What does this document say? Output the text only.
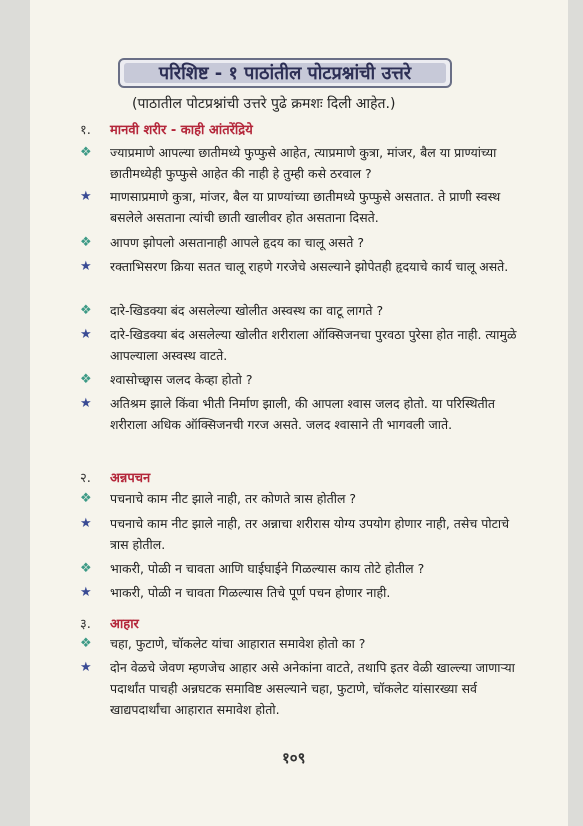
परिशिष्ट - १ पाठांतील पोटप्रश्नांची उत्तरे
(पाठातील पोटप्रश्नांची उत्तरे पुढे क्रमशः दिली आहेत.)
१. मानवी शरीर - काही आंतरेंद्रिये
❖	ज्याप्रमाणे आपल्या छातीमध्ये फुप्फुसे आहेत, त्याप्रमाणे कुत्रा, मांजर, बैल या प्राण्यांच्या छातीमध्येही फुप्फुसे आहेत की नाही हे तुम्ही कसे ठरवाल ?
★	माणसाप्रमाणे कुत्रा, मांजर, बैल या प्राण्यांच्या छातीमध्ये फुप्फुसे असतात. ते प्राणी स्वस्थ बसलेले असताना त्यांची छाती खालीवर होत असताना दिसते.
❖	आपण झोपलो असतानाही आपले हृदय का चालू असते ?
★	रक्ताभिसरण क्रिया सतत चालू राहणे गरजेचे असल्याने झोपेतही हृदयाचे कार्य चालू असते.
❖	दारे-खिडक्या बंद असलेल्या खोलीत अस्वस्थ का वाटू लागते ?
★	दारे-खिडक्या बंद असलेल्या खोलीत शरीराला ऑक्सिजनचा पुरवठा पुरेसा होत नाही. त्यामुळे आपल्याला अस्वस्थ वाटते.
❖	श्वासोच्छ्वास जलद केव्हा होतो ?
★	अतिश्रम झाले किंवा भीती निर्माण झाली, की आपला श्वास जलद होतो. या परिस्थितीत शरीराला अधिक ऑक्सिजनची गरज असते. जलद श्वासाने ती भागवली जाते.
२. अन्नपचन
❖	पचनाचे काम नीट झाले नाही, तर कोणते त्रास होतील ?
★	पचनाचे काम नीट झाले नाही, तर अन्नाचा शरीरास योग्य उपयोग होणार नाही, तसेच पोटाचे त्रास होतील.
❖	भाकरी, पोळी न चावता आणि घाईघाईने गिळल्यास काय तोटे होतील ?
★	भाकरी, पोळी न चावता गिळल्यास तिचे पूर्ण पचन होणार नाही.
३. आहार
❖	चहा, फुटाणे, चॉकलेट यांचा आहारात समावेश होतो का ?
★	दोन वेळचे जेवण म्हणजेच आहार असे अनेकांना वाटते, तथापि इतर वेळी खाल्ल्या जाणाऱ्या पदार्थांत पाचही अन्नघटक समाविष्ट असल्याने चहा, फुटाणे, चॉकलेट यांसारख्या सर्व खाद्यपदार्थांचा आहारात समावेश होतो.
१०९
